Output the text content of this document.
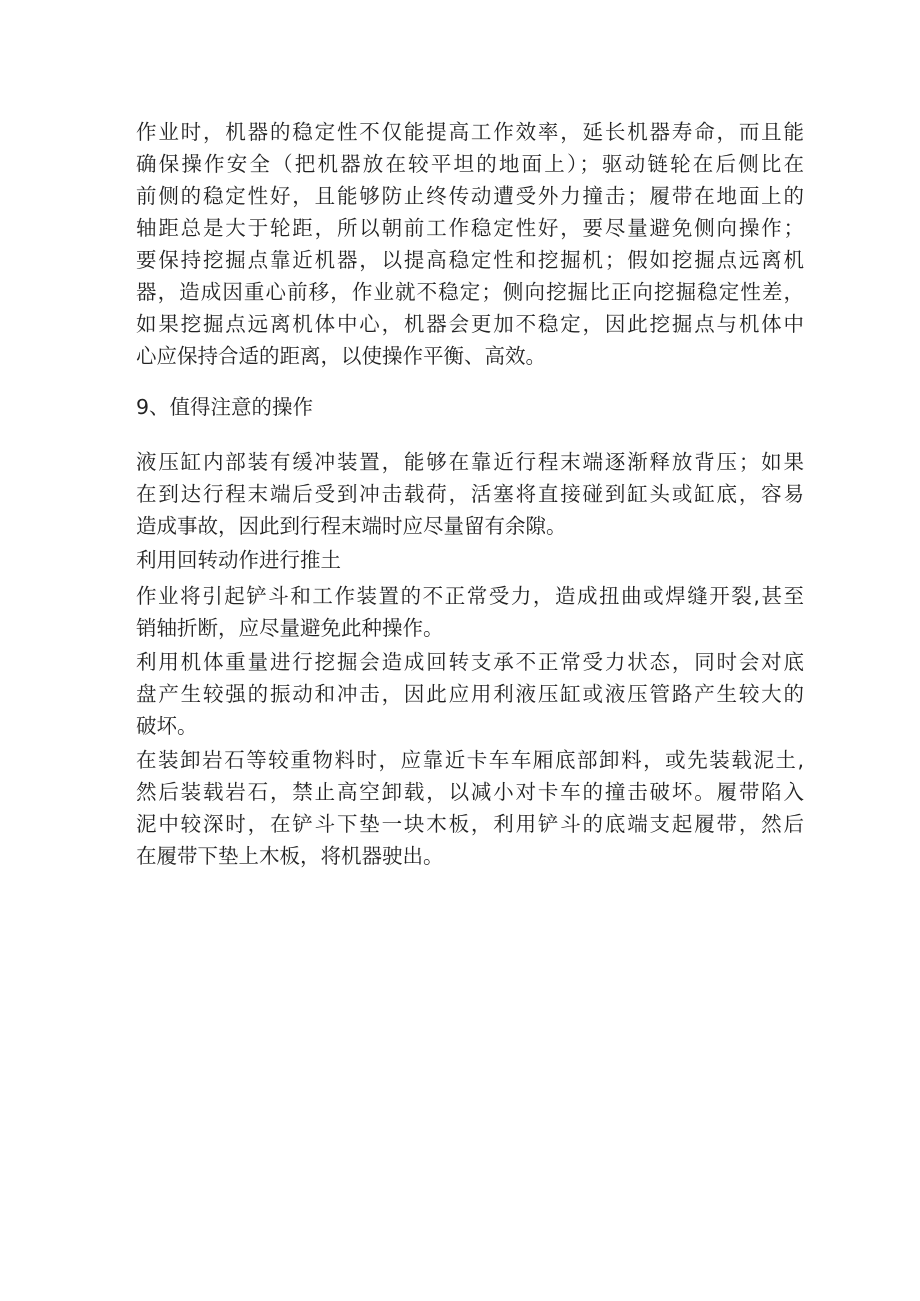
作业时，机器的稳定性不仅能提高工作效率，延长机器寿命，而且能
确保操作安全（把机器放在较平坦的地面上）；驱动链轮在后侧比在
前侧的稳定性好，且能够防止终传动遭受外力撞击；履带在地面上的
轴距总是大于轮距，所以朝前工作稳定性好，要尽量避免侧向操作；
要保持挖掘点靠近机器，以提高稳定性和挖掘机；假如挖掘点远离机
器，造成因重心前移，作业就不稳定；侧向挖掘比正向挖掘稳定性差，
如果挖掘点远离机体中心，机器会更加不稳定，因此挖掘点与机体中
心应保持合适的距离，以使操作平衡、高效。
9、值得注意的操作
液压缸内部装有缓冲装置，能够在靠近行程末端逐渐释放背压；如果
在到达行程末端后受到冲击载荷，活塞将直接碰到缸头或缸底，容易
造成事故，因此到行程末端时应尽量留有余隙。
利用回转动作进行推土
作业将引起铲斗和工作装置的不正常受力，造成扭曲或焊缝开裂,甚至
销轴折断，应尽量避免此种操作。
利用机体重量进行挖掘会造成回转支承不正常受力状态，同时会对底
盘产生较强的振动和冲击，因此应用利液压缸或液压管路产生较大的
破坏。
在装卸岩石等较重物料时，应靠近卡车车厢底部卸料，或先装载泥土,
然后装载岩石，禁止高空卸载，以减小对卡车的撞击破坏。履带陷入
泥中较深时，在铲斗下垫一块木板，利用铲斗的底端支起履带，然后
在履带下垫上木板，将机器驶出。
